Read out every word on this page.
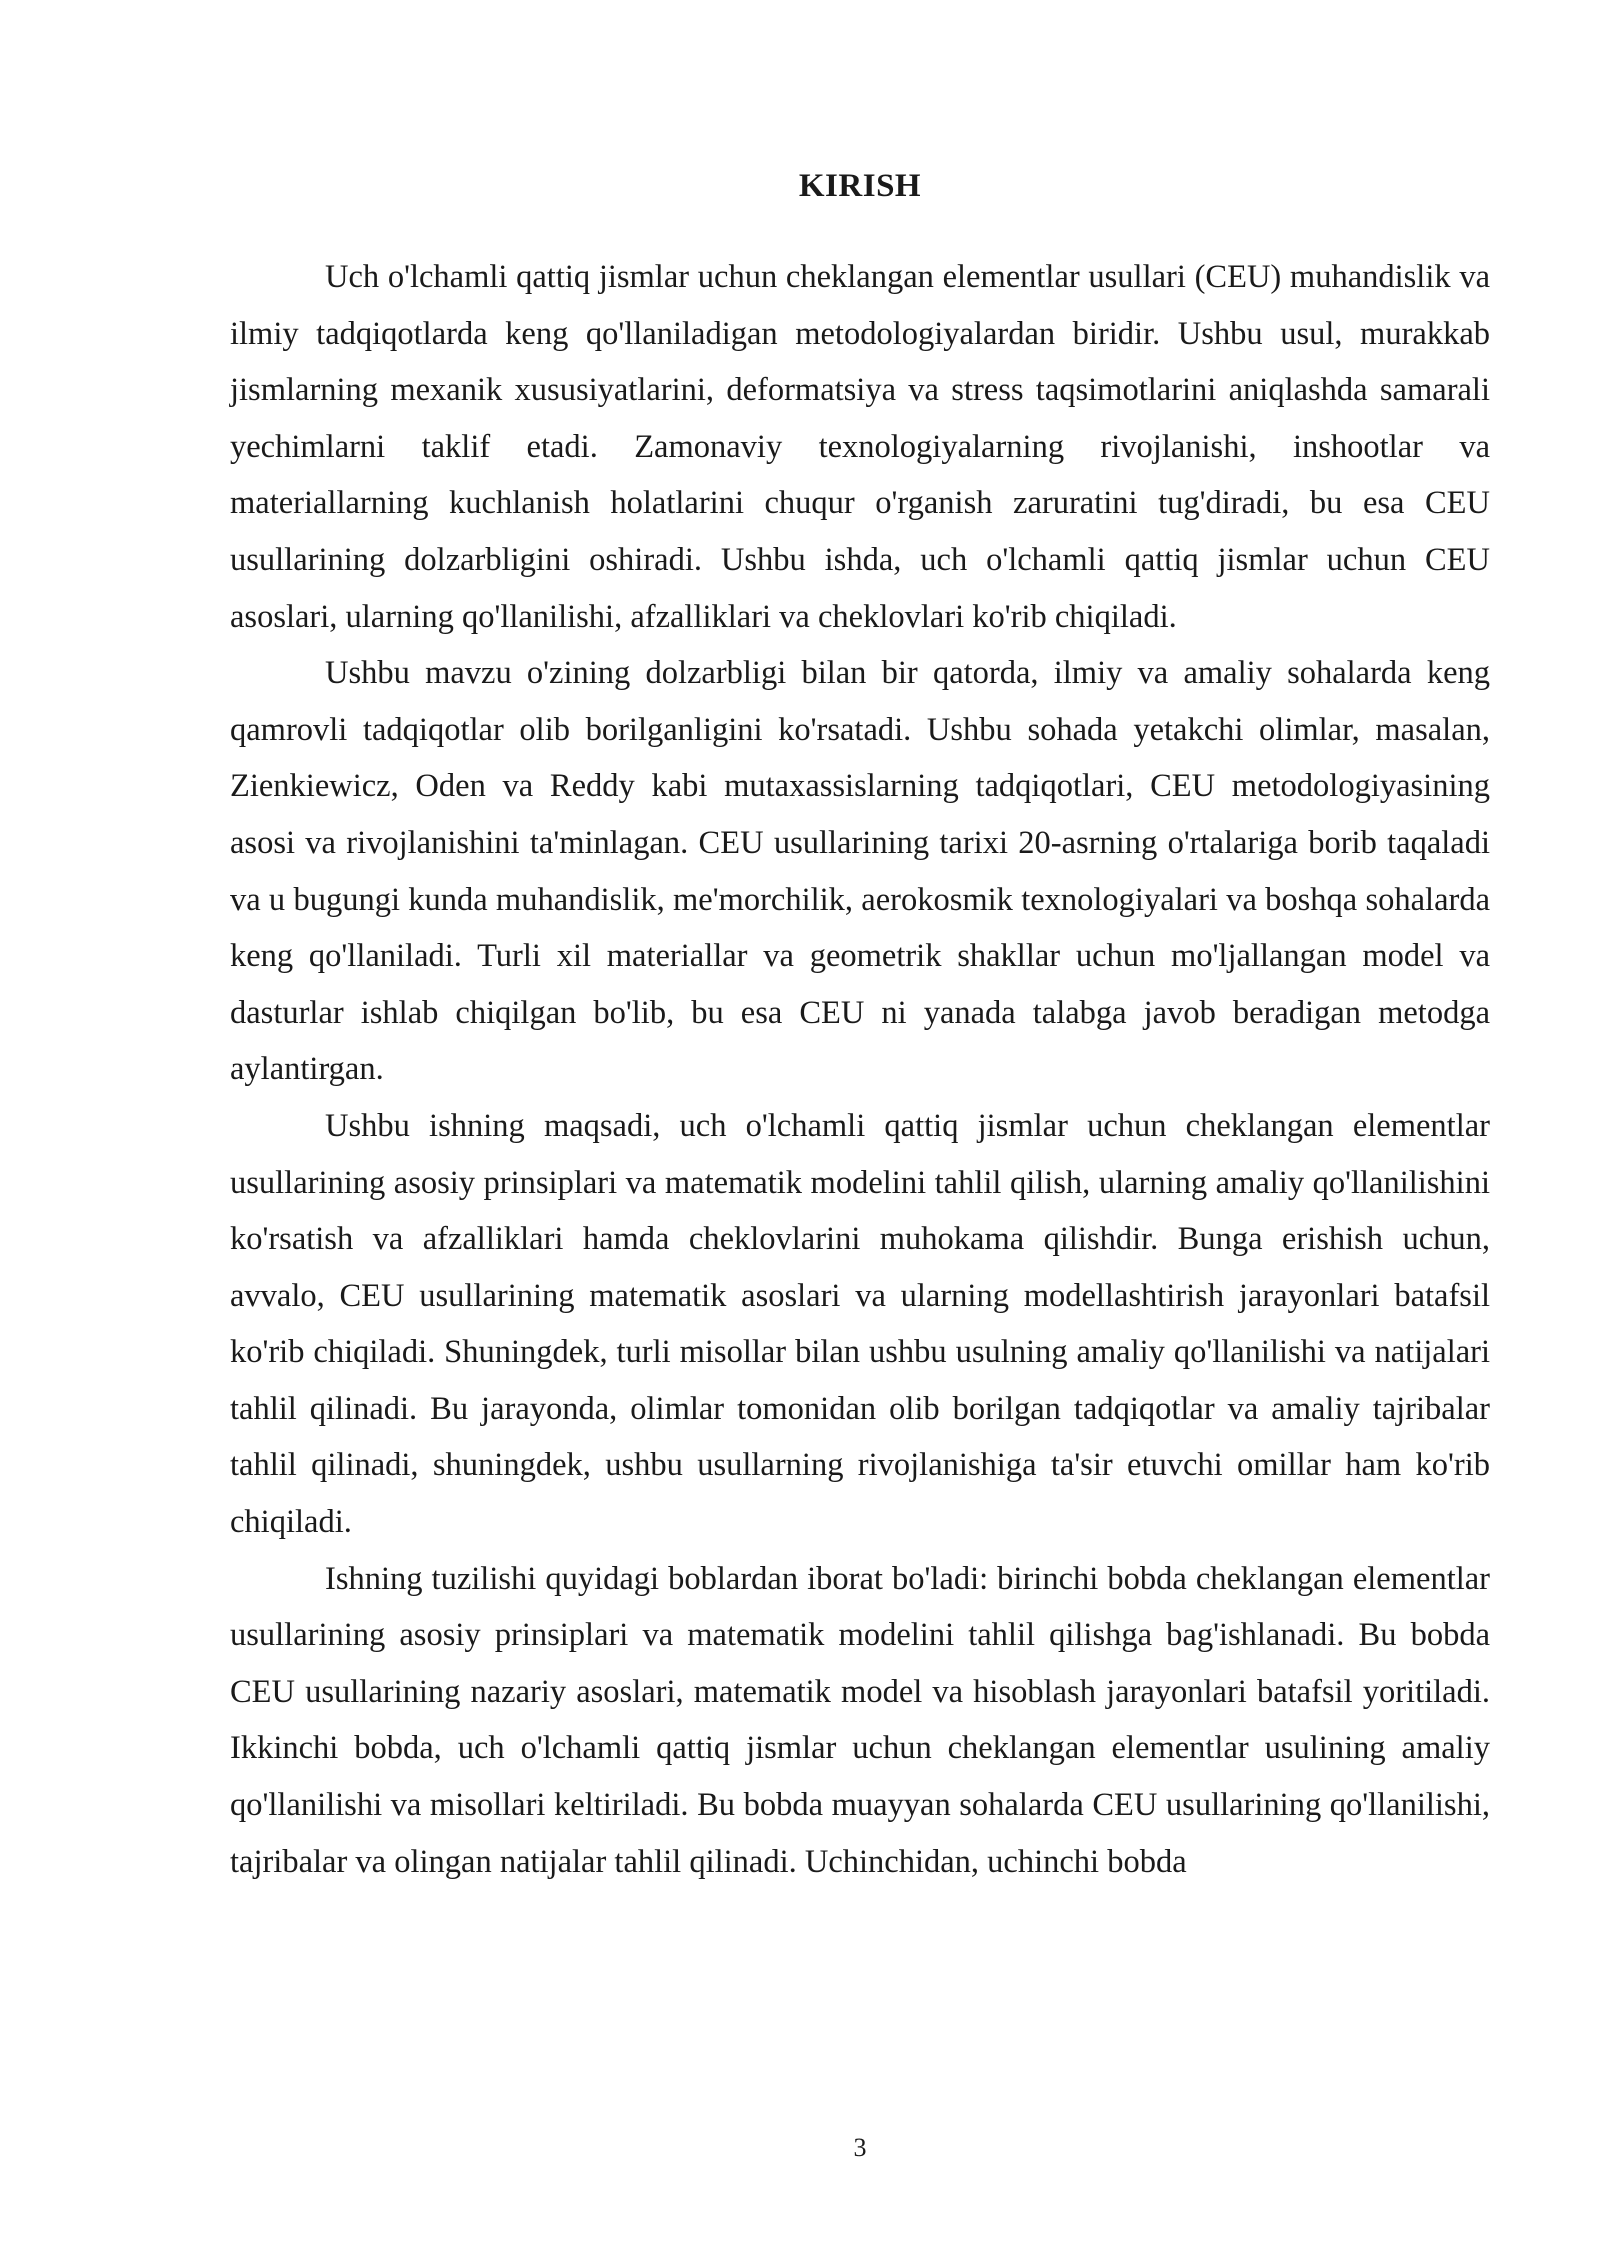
KIRISH

Uch o'lchamli qattiq jismlar uchun cheklangan elementlar usullari (CEU) muhandislik va ilmiy tadqiqotlarda keng qo'llaniladigan metodologiyalardan biridir. Ushbu usul, murakkab jismlarning mexanik xususiyatlarini, deformatsiya va stress taqsimotlarini aniqlashda samarali yechimlarni taklif etadi. Zamonaviy texnologiyalarning rivojlanishi, inshootlar va materiallarning kuchlanish holatlarini chuqur o'rganish zaruratini tug'diradi, bu esa CEU usullarining dolzarbligini oshiradi. Ushbu ishda, uch o'lchamli qattiq jismlar uchun CEU asoslari, ularning qo'llanilishi, afzalliklari va cheklovlari ko'rib chiqiladi.

Ushbu mavzu o'zining dolzarbligi bilan bir qatorda, ilmiy va amaliy sohalarda keng qamrovli tadqiqotlar olib borilganligini ko'rsatadi. Ushbu sohada yetakchi olimlar, masalan, Zienkiewicz, Oden va Reddy kabi mutaxassislarning tadqiqotlari, CEU metodologiyasining asosi va rivojlanishini ta'minlagan. CEU usullarining tarixi 20-asrning o'rtalariga borib taqaladi va u bugungi kunda muhandislik, me'morchilik, aerokosmik texnologiyalari va boshqa sohalarda keng qo'llaniladi. Turli xil materiallar va geometrik shakllar uchun mo'ljallangan model va dasturlar ishlab chiqilgan bo'lib, bu esa CEU ni yanada talabga javob beradigan metodga aylantirgan.

Ushbu ishning maqsadi, uch o'lchamli qattiq jismlar uchun cheklangan elementlar usullarining asosiy prinsiplari va matematik modelini tahlil qilish, ularning amaliy qo'llanilishini ko'rsatish va afzalliklari hamda cheklovlarini muhokama qilishdir. Bunga erishish uchun, avvalo, CEU usullarining matematik asoslari va ularning modellashtirish jarayonlari batafsil ko'rib chiqiladi. Shuningdek, turli misollar bilan ushbu usulning amaliy qo'llanilishi va natijalari tahlil qilinadi. Bu jarayonda, olimlar tomonidan olib borilgan tadqiqotlar va amaliy tajribalar tahlil qilinadi, shuningdek, ushbu usullarning rivojlanishiga ta'sir etuvchi omillar ham ko'rib chiqiladi.

Ishning tuzilishi quyidagi boblardan iborat bo'ladi: birinchi bobda cheklangan elementlar usullarining asosiy prinsiplari va matematik modelini tahlil qilishga bag'ishlanadi. Bu bobda CEU usullarining nazariy asoslari, matematik model va hisoblash jarayonlari batafsil yoritiladi. Ikkinchi bobda, uch o'lchamli qattiq jismlar uchun cheklangan elementlar usulining amaliy qo'llanilishi va misollari keltiriladi. Bu bobda muayyan sohalarda CEU usullarining qo'llanilishi, tajribalar va olingan natijalar tahlil qilinadi. Uchinchidan, uchinchi bobda

3
